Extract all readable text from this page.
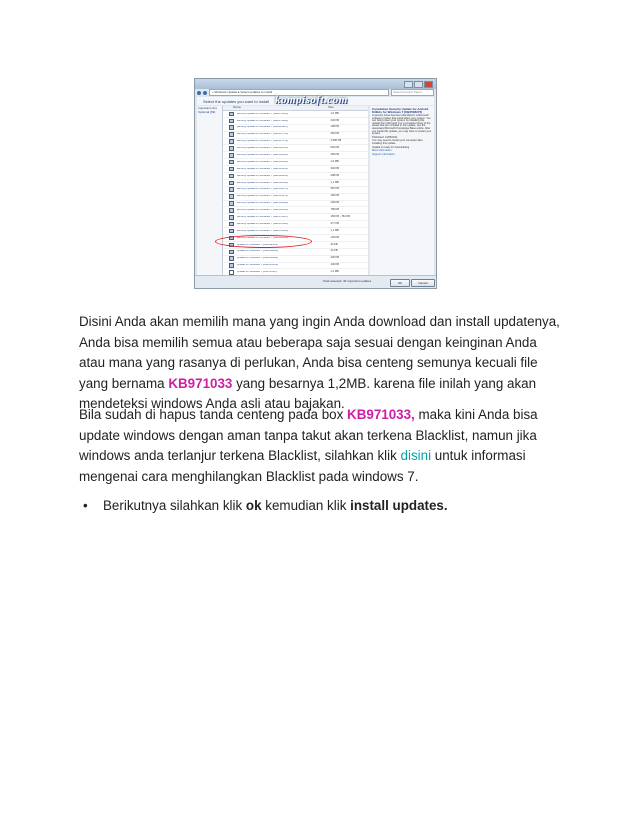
« Windows Update ▸ Select updates to install	Search Control Panel
Select the updates you want to install kompisoft.com
Important (41)
Optional (69)
Name	Size
Security Update for Windows 7 (KB2079304)	1,6 MB
Security Update for Windows 7 (KB2079664)	232 KB
Security Update for Windows 7 (KB2491287)	138 KB
Security Update for Windows 7 (KB2487733)	252 KB
Security Update for Windows 7 (KB2497572)	2,958 KB
Security Update for Windows 7 (KB2506213)	640 KB
Security Update for Windows 7 (KB2506464)	330 KB
Security Update for Windows 7 (KB2509553)	1,9 MB
Security Update for Windows 7 (KB2511455)	340 KB
Security Update for Windows 7 (KB2522422)	208 KB
Security Update for Windows 7 (KB2524098)	1,1 MB
Security Update for Windows 7 (KB2536275)	515 KB
Security Update for Windows 7 (KB2536276)	192 KB
Security Update for Windows 7 (KB2544893)	135 KB
Security Update for Windows 7 (KB2560656)	795 KB
Security Update for Windows 7 (KB2570947)	150 KB - 762 KB
Security Update for Windows 7 (KB2567680)	477 KB
Security Update for Windows 7 (KB2570222)	1,1 MB
Security Update for Windows 7 (KB2584146)	133 KB
Update for Windows 7 (KB2488113)	33 KB
Update for Windows 7 (KB2506014)	44 KB
Update for Windows 7 (KB2506928)	430 KB
Update for Windows 7 (KB2533552)	149 KB
Update for Windows 7 (KB971033)	1,2 MB
Cumulative Security Update for ActiveX Killbits for Windows 7 (KB2508272)
A security issue has been identified in a Microsoft software product that could affect your system. You can help protect your system by installing this update from Microsoft. For a complete listing of the issues that are included in this update, see the associated Microsoft Knowledge Base article. After you install this update, you may have to restart your system.
Published: 14/06/2011
You may need to restart your computer after installing this update
Update is ready for downloading
More information
Support information
Total selected: 40 important updates	OK	Cancel
Disini Anda akan memilih mana yang ingin Anda download dan install updatenya, Anda bisa memilih semua atau beberapa saja sesuai dengan keinginan Anda atau mana yang rasanya di perlukan, Anda bisa centeng semunya kecuali file yang bernama KB971033 yang besarnya 1,2MB. karena file inilah yang akan mendeteksi windows Anda asli atau bajakan.
Bila sudah di hapus tanda centeng pada box KB971033, maka kini Anda bisa update windows dengan aman tanpa takut akan terkena Blacklist, namun jika windows anda terlanjur terkena Blacklist, silahkan klik disini untuk informasi mengenai cara menghilangkan Blacklist pada windows 7.
•	Berikutnya silahkan klik ok kemudian klik install updates.
